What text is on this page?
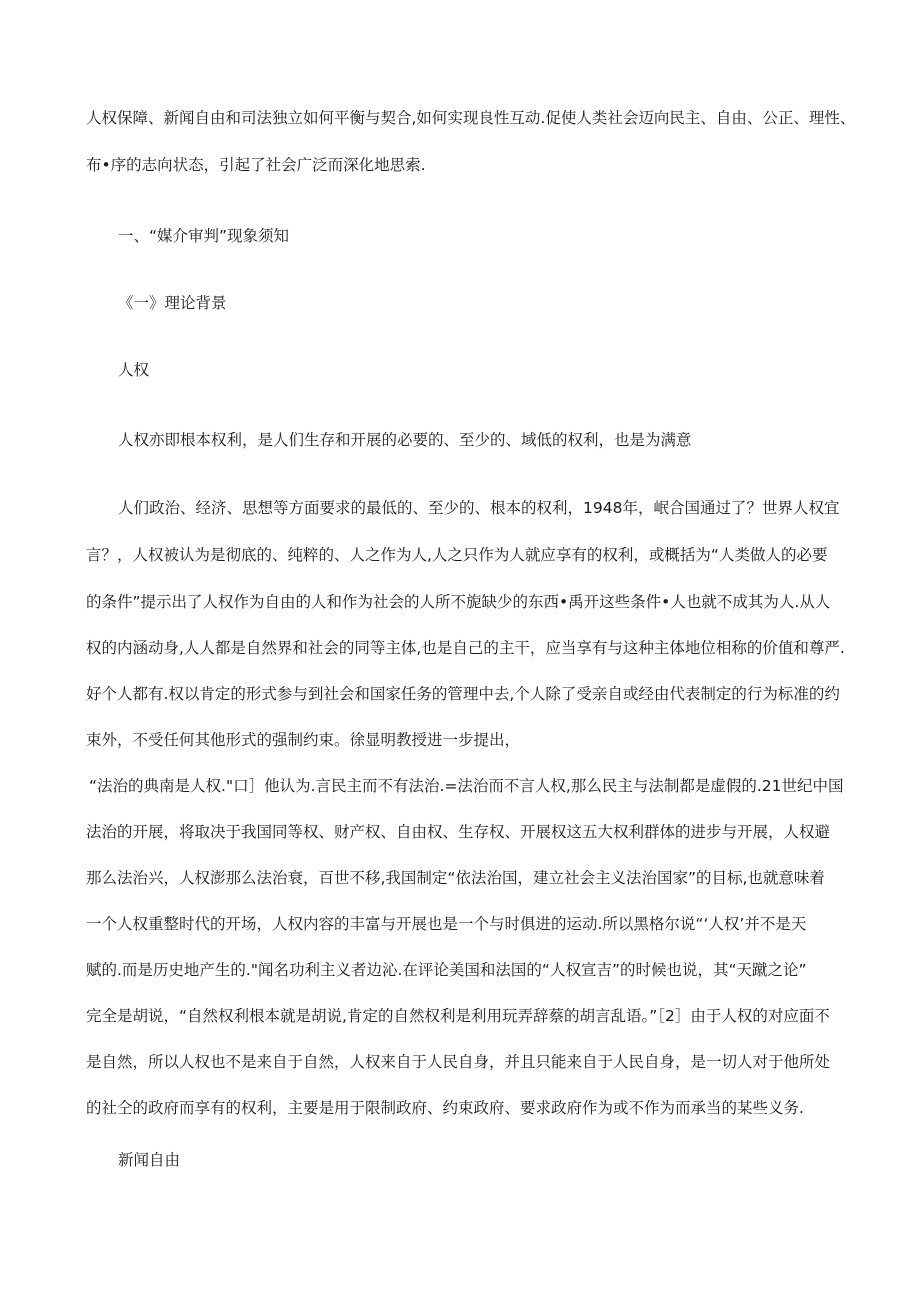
人权保障、新闻自由和司法独立如何平衡与契合,如何实现良性互动.促使人类社会迈向民主、自由、公正、理性、
布•序的志向状态，引起了社会广泛而深化地思索.
一、“媒介审判”现象须知
《一》理论背景
人权
人权亦即根本权利，是人们生存和开展的必要的、至少的、域低的权利，也是为满意
人们政治、经济、思想等方面要求的最低的、至少的、根本的权利，1948年，岷合国通过了？世界人权宜
言？，人权被认为是彻底的、纯粹的、人之作为人,人之只作为人就应享有的权利，或概括为“人类做人的必要
的条件”提示出了人权作为自由的人和作为社会的人所不旎缺少的东西•禹开这些条件•人也就不成其为人.从人
权的内涵动身,人人都是自然界和社会的同等主体,也是自己的主干，应当享有与这种主体地位相称的价值和尊严.
好个人都有.权以肯定的形式参与到社会和国家任务的管理中去,个人除了受亲自或经由代表制定的行为标准的约
束外，不受任何其他形式的强制约束。徐显明教授进一步提出，
“法治的典南是人权."口］他认为.言民主而不有法治.=法治而不言人权,那么民主与法制都是虚假的.21世纪中国
法治的开展，将取决于我国同等权、财产权、自由权、生存权、开展权这五大权利群体的进步与开展，人权避
那么法治兴，人权澎那么法治衰，百世不移,我国制定“依法治国，建立社会主义法治国家”的目标,也就意味着
一个人权重整时代的开场，人权内容的丰富与开展也是一个与时俱进的运动.所以黑格尔说“‘人权’并不是天
赋的.而是历史地产生的."闻名功利主义者边沁.在评论美国和法国的“人权宣吉”的时候也说，其“天蹴之论”
完全是胡说，“自然权利根本就是胡说,肯定的自然权利是利用玩弄辞蔡的胡言乱语。”［2］由于人权的对应面不
是自然，所以人权也不是来自于自然，人权来自于人民自身，并且只能来自于人民自身，是一切人对于他所处
的社仝的政府而享有的权利，主要是用于限制政府、约束政府、要求政府作为或不作为而承当的某些义务.
新闻自由
